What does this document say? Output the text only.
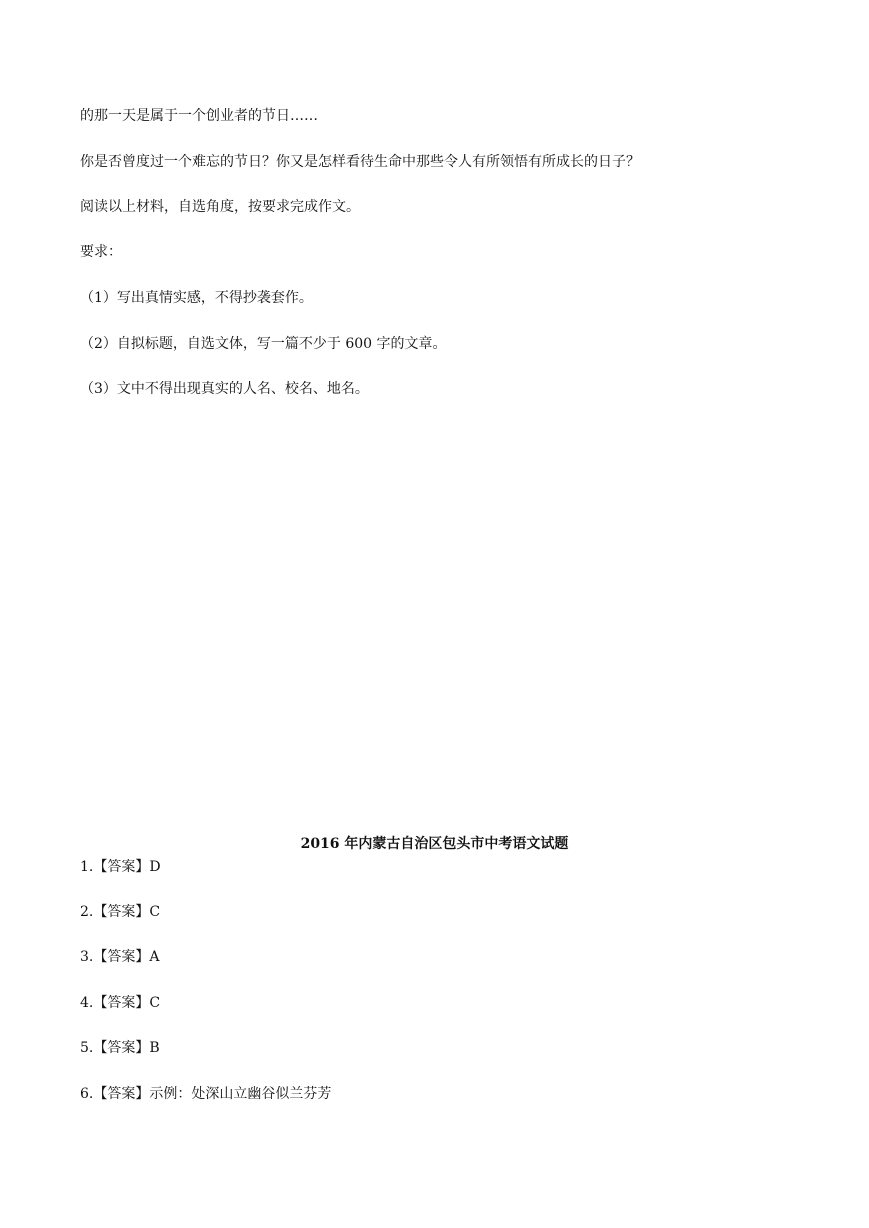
的那一天是属于一个创业者的节日……

你是否曾度过一个难忘的节日？你又是怎样看待生命中那些令人有所领悟有所成长的日子？

阅读以上材料，自选角度，按要求完成作文。

要求：

（1）写出真情实感，不得抄袭套作。

（2）自拟标题，自选文体，写一篇不少于 600 字的文章。

（3）文中不得出现真实的人名、校名、地名。

2016 年内蒙古自治区包头市中考语文试题

1.【答案】D

2.【答案】C

3.【答案】A

4.【答案】C

5.【答案】B

6.【答案】示例：处深山立幽谷似兰芬芳
